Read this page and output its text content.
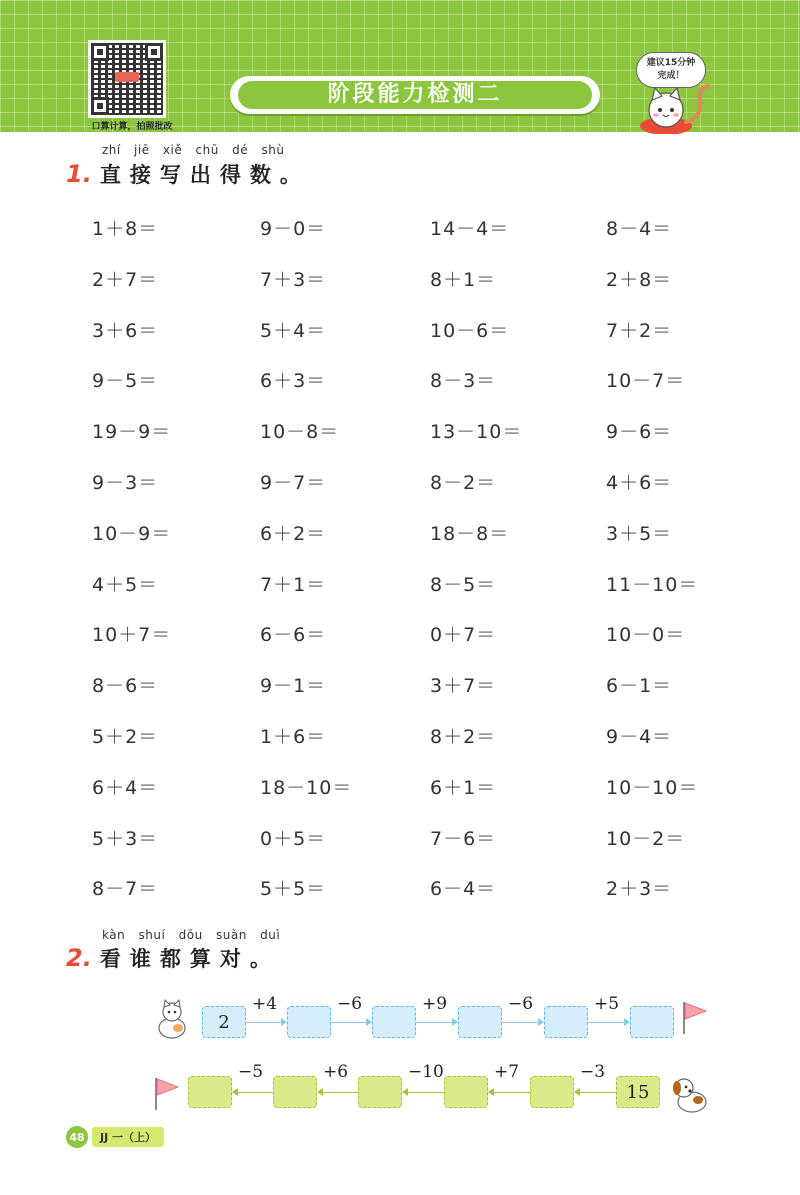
口算计算，拍照批改
阶段能力检测二
建议15分钟
完成！
zhí jiē xiě chū dé shù
1. 直接写出得数。
1＋8＝	9－0＝	14－4＝	8－4＝
2＋7＝	7＋3＝	8＋1＝	2＋8＝
3＋6＝	5＋4＝	10－6＝	7＋2＝
9－5＝	6＋3＝	8－3＝	10－7＝
19－9＝	10－8＝	13－10＝	9－6＝
9－3＝	9－7＝	8－2＝	4＋6＝
10－9＝	6＋2＝	18－8＝	3＋5＝
4＋5＝	7＋1＝	8－5＝	11－10＝
10＋7＝	6－6＝	0＋7＝	10－0＝
8－6＝	9－1＝	3＋7＝	6－1＝
5＋2＝	1＋6＝	8＋2＝	9－4＝
6＋4＝	18－10＝	6＋1＝	10－10＝
5＋3＝	0＋5＝	7－6＝	10－2＝
8－7＝	5＋5＝	6－4＝	2＋3＝
kàn shuí dōu suàn duì
2. 看谁都算对。
2
+4	−6	+9	−6	+5
15
−3
+7
−10
+6
−5
48	JJ 一（上）
